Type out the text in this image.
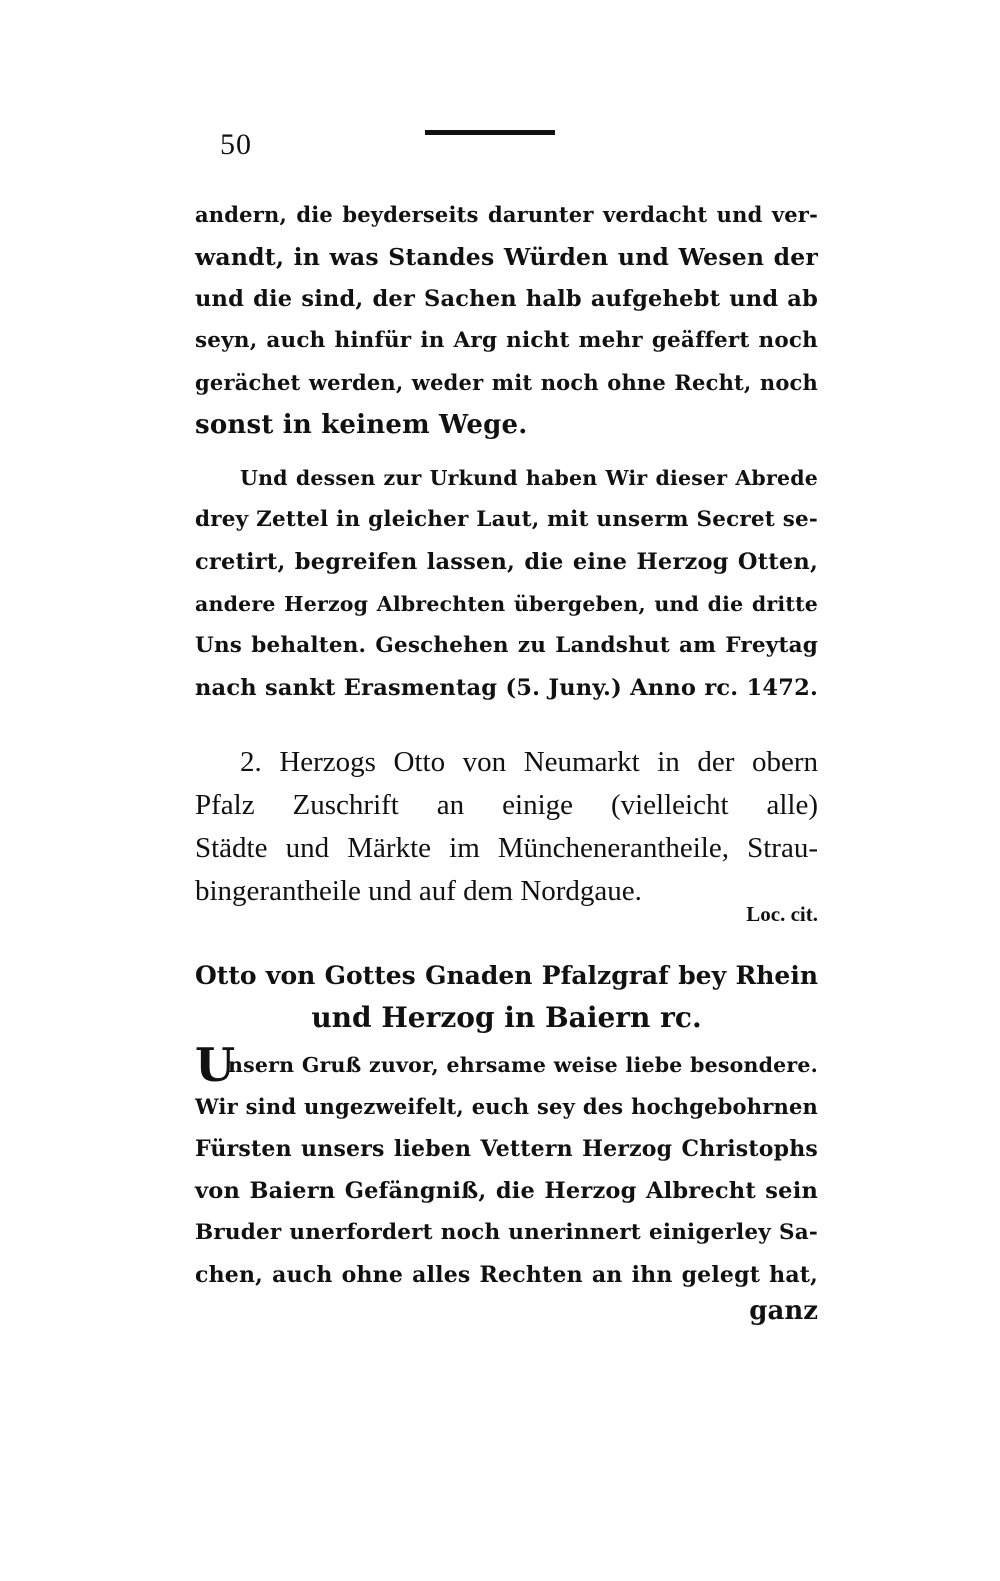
50
andern, die beyderseits darunter verdacht und ver-
wandt, in was Standes Würden und Wesen der
und die sind, der Sachen halb aufgehebt und ab
seyn, auch hinfür in Arg nicht mehr geäffert noch
gerächet werden, weder mit noch ohne Recht, noch
sonst in keinem Wege.
Und dessen zur Urkund haben Wir dieser Abrede
drey Zettel in gleicher Laut, mit unserm Secret se-
cretirt, begreifen lassen, die eine Herzog Otten,
andere Herzog Albrechten übergeben, und die dritte
Uns behalten. Geschehen zu Landshut am Freytag
nach sankt Erasmentag (5. Juny.) Anno rc. 1472.
2. Herzogs Otto von Neumarkt in der obern
Pfalz Zuschrift an einige (vielleicht alle)
Städte und Märkte im Müncheneranthеile, Strau-
bingerantheile und auf dem Nordgaue.
Loc. cit.
Otto von Gottes Gnaden Pfalzgraf bey Rhein
und Herzog in Baiern rc.
U
nsern Gruß zuvor, ehrsame weise liebe besondere.
Wir sind ungezweifelt, euch sey des hochgebohrnen
Fürsten unsers lieben Vettern Herzog Christophs
von Baiern Gefängniß, die Herzog Albrecht sein
Bruder unerfordert noch unerinnert einigerley Sa-
chen, auch ohne alles Rechten an ihn gelegt hat,
ganz
